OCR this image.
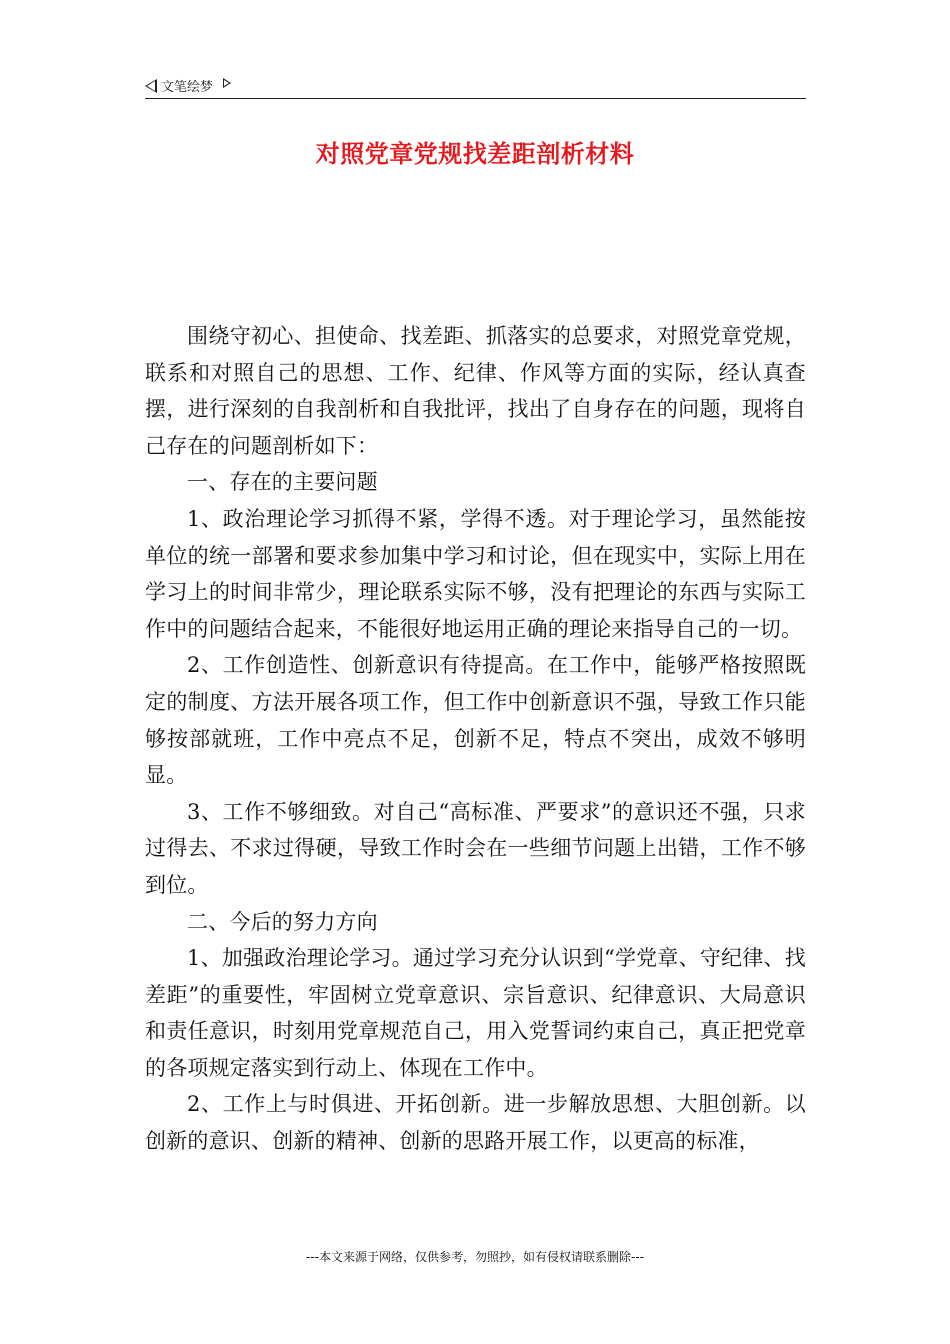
文笔绘梦
对照党章党规找差距剖析材料

围绕守初心、担使命、找差距、抓落实的总要求，对照党章党规，联系和对照自己的思想、工作、纪律、作风等方面的实际，经认真查摆，进行深刻的自我剖析和自我批评，找出了自身存在的问题，现将自己存在的问题剖析如下：

一、存在的主要问题

1、政治理论学习抓得不紧，学得不透。对于理论学习，虽然能按单位的统一部署和要求参加集中学习和讨论，但在现实中，实际上用在学习上的时间非常少，理论联系实际不够，没有把理论的东西与实际工作中的问题结合起来，不能很好地运用正确的理论来指导自己的一切。

2、工作创造性、创新意识有待提高。在工作中，能够严格按照既定的制度、方法开展各项工作，但工作中创新意识不强，导致工作只能够按部就班，工作中亮点不足，创新不足，特点不突出，成效不够明显。

3、工作不够细致。对自己“高标准、严要求”的意识还不强，只求过得去、不求过得硬，导致工作时会在一些细节问题上出错，工作不够到位。

二、今后的努力方向

1、加强政治理论学习。通过学习充分认识到“学党章、守纪律、找差距”的重要性，牢固树立党章意识、宗旨意识、纪律意识、大局意识和责任意识，时刻用党章规范自己，用入党誓词约束自己，真正把党章的各项规定落实到行动上、体现在工作中。

2、工作上与时俱进、开拓创新。进一步解放思想、大胆创新。以创新的意识、创新的精神、创新的思路开展工作，以更高的标准，

---本文来源于网络，仅供参考，勿照抄，如有侵权请联系删除---
